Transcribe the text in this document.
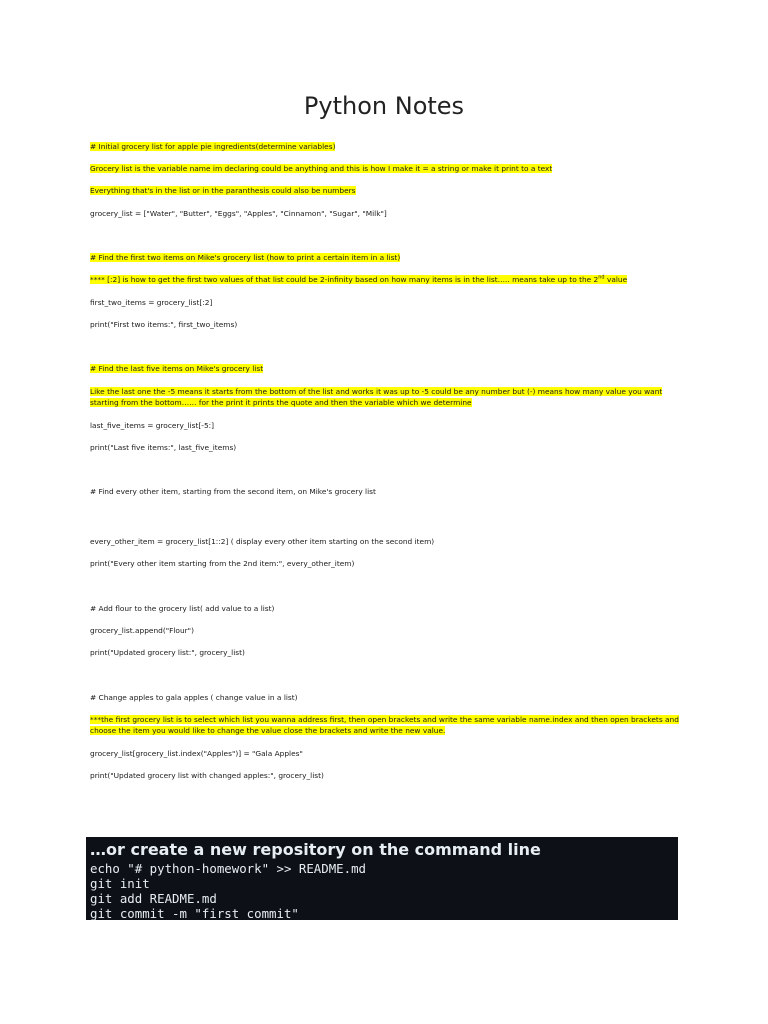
Python Notes
# Initial grocery list for apple pie ingredients(determine variables)
Grocery list is the variable name im declaring could be anything and this is how I make it = a string or make it print to a text
Everything that's in the list or in the paranthesis could also be numbers
grocery_list = ["Water", "Butter", "Eggs", "Apples", "Cinnamon", "Sugar", "Milk"]
# Find the first two items on Mike's grocery list (how to print a certain item in a list)
**** [:2] is how to get the first two values of that list could be 2-infinity based on how many items is in the list….. means take up to the 2nd value
first_two_items = grocery_list[:2]
print("First two items:", first_two_items)
# Find the last five items on Mike's grocery list
Like the last one the -5 means it starts from the bottom of the list and works it was up to -5 could be any number but (-) means how many value you want starting from the bottom…… for the print it prints the quote and then the variable which we determine
last_five_items = grocery_list[-5:]
print("Last five items:", last_five_items)
# Find every other item, starting from the second item, on Mike's grocery list
every_other_item = grocery_list[1::2] ( display every other item starting on the second item)
print("Every other item starting from the 2nd item:", every_other_item)
# Add flour to the grocery list( add value to a list)
grocery_list.append("Flour")
print("Updated grocery list:", grocery_list)
# Change apples to gala apples ( change value in a list)
***the first grocery list is to select which list you wanna address first, then open brackets and write the same variable name.index and then open brackets and choose the item you would like to change the value close the brackets and write the new value.
grocery_list[grocery_list.index("Apples")] = "Gala Apples"
print("Updated grocery list with changed apples:", grocery_list)
…or create a new repository on the command line
echo "# python-homework" >> README.md
git init
git add README.md
git commit -m "first commit"
